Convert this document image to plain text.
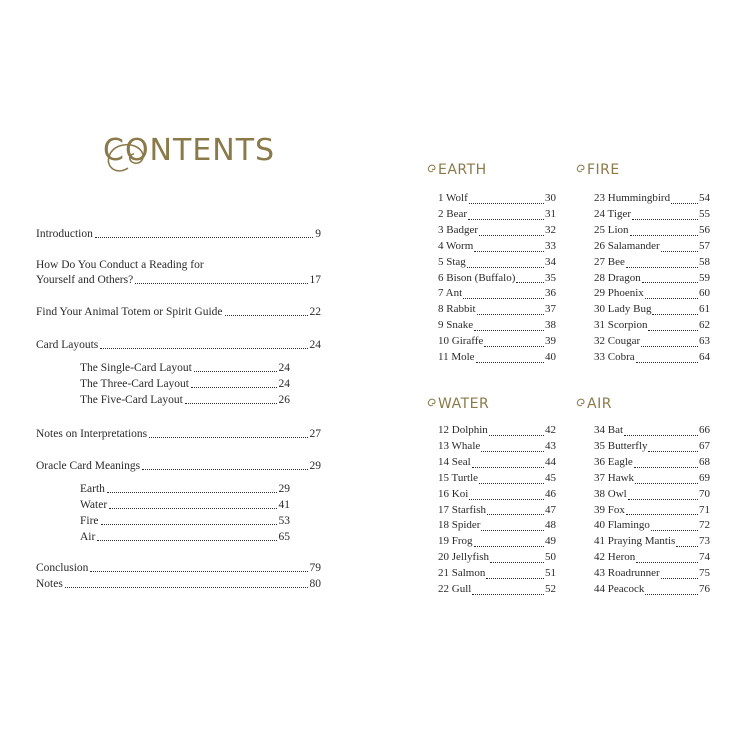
CONTENTS
Introduction	9
How Do You Conduct a Reading for
Yourself and Others?	17
Find Your Animal Totem or Spirit Guide	22
Card Layouts	24
The Single-Card Layout	24
The Three-Card Layout	24
The Five-Card Layout	26
Notes on Interpretations	27
Oracle Card Meanings	29
Earth	29
Water	41
Fire	53
Air	65
Conclusion	79
Notes	80
EARTH
1 Wolf	30
2 Bear	31
3 Badger	32
4 Worm	33
5 Stag	34
6 Bison (Buffalo)	35
7 Ant	36
8 Rabbit	37
9 Snake	38
10 Giraffe	39
11 Mole	40
FIRE
23 Hummingbird	54
24 Tiger	55
25 Lion	56
26 Salamander	57
27 Bee	58
28 Dragon	59
29 Phoenix	60
30 Lady Bug	61
31 Scorpion	62
32 Cougar	63
33 Cobra	64
WATER
12 Dolphin	42
13 Whale	43
14 Seal	44
15 Turtle	45
16 Koi	46
17 Starfish	47
18 Spider	48
19 Frog	49
20 Jellyfish	50
21 Salmon	51
22 Gull	52
AIR
34 Bat	66
35 Butterfly	67
36 Eagle	68
37 Hawk	69
38 Owl	70
39 Fox	71
40 Flamingo	72
41 Praying Mantis 73
42 Heron	74
43 Roadrunner	75
44 Peacock	76
